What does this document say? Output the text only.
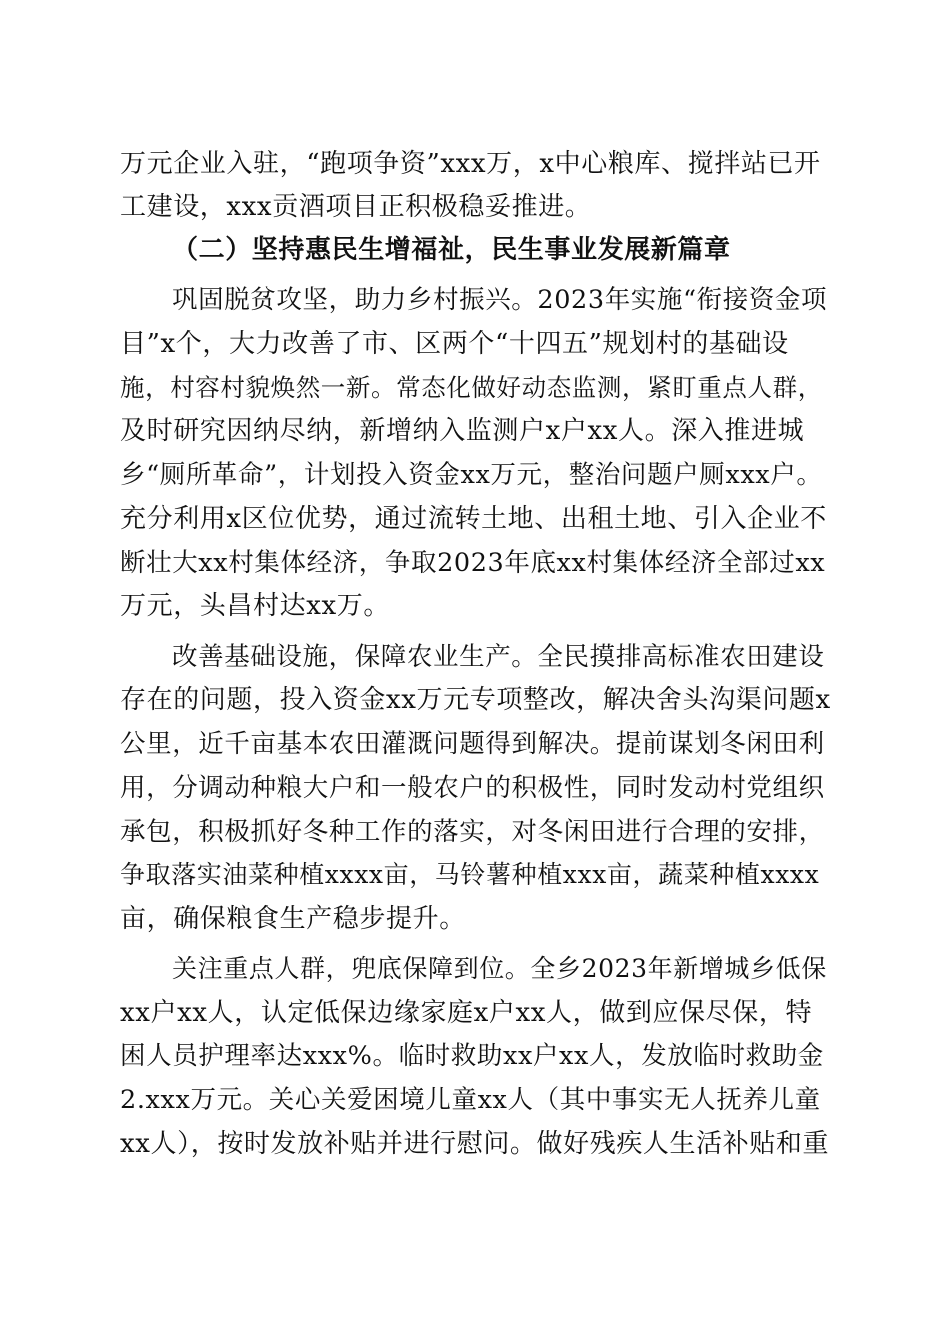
万元企业入驻，“跑项争资”xxx万，x中心粮库、搅拌站已开
工建设，xxx贡酒项目正积极稳妥推进。
（二）坚持惠民生增福祉，民生事业发展新篇章
巩固脱贫攻坚，助力乡村振兴。2023年实施“衔接资金项
目”x个，大力改善了市、区两个“十四五”规划村的基础设
施，村容村貌焕然一新。常态化做好动态监测，紧盯重点人群，
及时研究因纳尽纳，新增纳入监测户x户xx人。深入推进城
乡“厕所革命”，计划投入资金xx万元，整治问题户厕xxx户。
充分利用x区位优势，通过流转土地、出租土地、引入企业不
断壮大xx村集体经济，争取2023年底xx村集体经济全部过xx
万元，头昌村达xx万。
改善基础设施，保障农业生产。全民摸排高标准农田建设
存在的问题，投入资金xx万元专项整改，解决舍头沟渠问题x
公里，近千亩基本农田灌溉问题得到解决。提前谋划冬闲田利
用，分调动种粮大户和一般农户的积极性，同时发动村党组织
承包，积极抓好冬种工作的落实，对冬闲田进行合理的安排，
争取落实油菜种植xxxx亩，马铃薯种植xxx亩，蔬菜种植xxxx
亩，确保粮食生产稳步提升。
关注重点人群，兜底保障到位。全乡2023年新增城乡低保
xx户xx人，认定低保边缘家庭x户xx人，做到应保尽保，特
困人员护理率达xxx%。临时救助xx户xx人，发放临时救助金
2.xxx万元。关心关爱困境儿童xx人（其中事实无人抚养儿童
xx人），按时发放补贴并进行慰问。做好残疾人生活补贴和重
